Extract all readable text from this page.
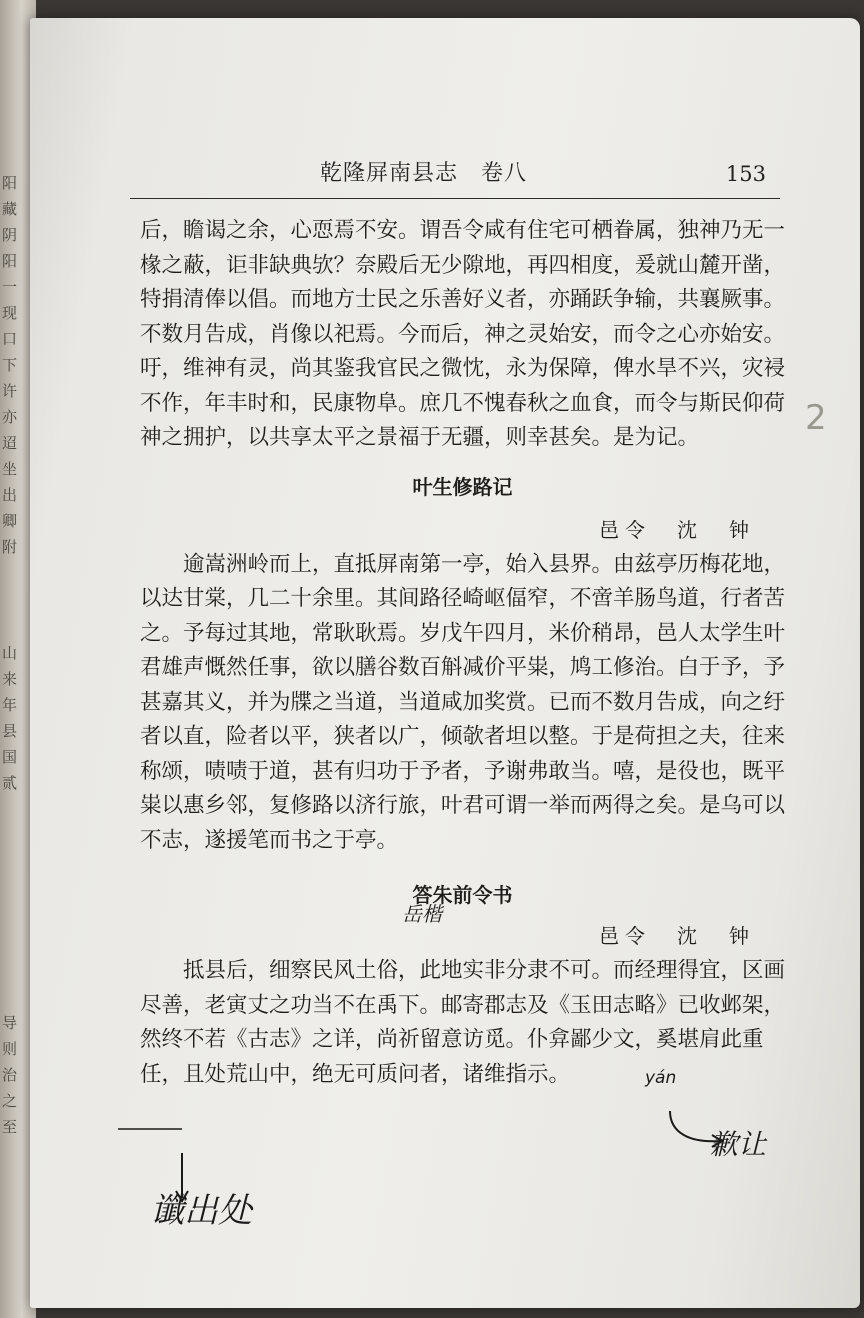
阳
藏
阴阳
一现
口下
许
亦迢
坐出
卿附
山
来
年
县
国
贰
导
则
治
之
至
乾隆屏南县志　卷八	153

后，瞻谒之余，心恧焉不安。谓吾令咸有住宅可栖眷属，独神乃无一椽之蔽，讵非缺典欤？奈殿后无少隙地，再四相度，爰就山麓开凿，特捐清俸以倡。而地方士民之乐善好义者，亦踊跃争输，共襄厥事。不数月告成，肖像以祀焉。今而后，神之灵始安，而令之心亦始安。吁，维神有灵，尚其鉴我官民之微忱，永为保障，俾水旱不兴，灾祲不作，年丰时和，民康物阜。庶几不愧春秋之血食，而令与斯民仰荷神之拥护，以共享太平之景福于无疆，则幸甚矣。是为记。

叶生修路记

邑令　沈　钟

逾嵩洲岭而上，直抵屏南第一亭，始入县界。由兹亭历梅花地，以达甘棠，几二十余里。其间路径崎岖偪窄，不啻羊肠鸟道，行者苦之。予每过其地，常耿耿焉。岁戊午四月，米价稍昂，邑人太学生叶君雄声慨然任事，欲以膳谷数百斛减价平粜，鸠工修治。白于予，予甚嘉其义，并为牒之当道，当道咸加奖赏。已而不数月告成，向之纡者以直，险者以平，狭者以广，倾欹者坦以整。于是荷担之夫，往来称颂，啧啧于道，甚有归功于予者，予谢弗敢当。嘻，是役也，既平粜以惠乡邻，复修路以济行旅，叶君可谓一举而两得之矣。是乌可以不志，遂援笔而书之于亭。

答朱前令书

邑令　沈　钟

抵县后，细察民风土俗，此地实非分隶不可。而经理得宜，区画尽善，老寅丈之功当不在禹下。邮寄郡志及《玉田志略》已收邺架，然终不若《古志》之详，尚祈留意访觅。仆弇鄙少文，奚堪肩此重任，且处荒山中，绝无可质问者，诸维指示。

岳楷
yán
歉让
谶出处
2
